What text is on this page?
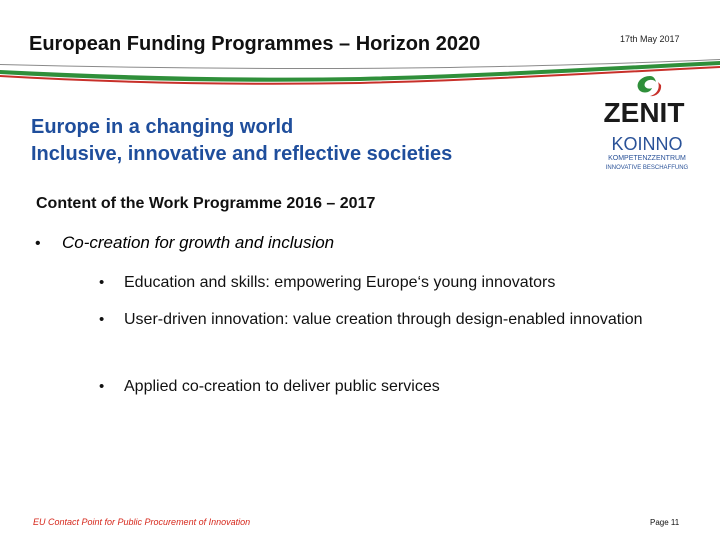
European Funding Programmes – Horizon 2020	17th May 2017
Europe in a changing world
Inclusive, innovative and reflective societies
ZENIT
KOINNO
KOMPETENZZENTRUM
INNOVATIVE BESCHAFFUNG
Content of the Work Programme 2016 – 2017
• Co-creation for growth and inclusion
• Education and skills: empowering Europe‘s young innovators
• User-driven innovation: value creation through design-enabled innovation
• Applied co-creation to deliver public services
EU Contact Point for Public Procurement of Innovation	Page 11
